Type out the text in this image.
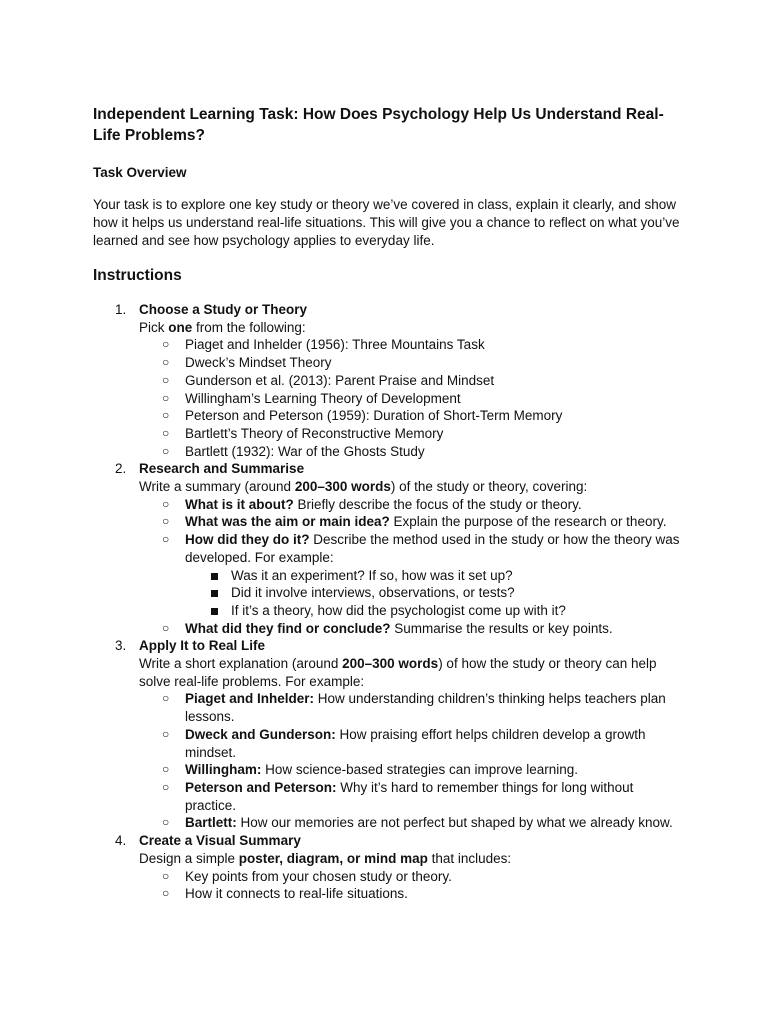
Independent Learning Task: How Does Psychology Help Us Understand Real-Life Problems?
Task Overview

Your task is to explore one key study or theory we’ve covered in class, explain it clearly, and show how it helps us understand real-life situations. This will give you a chance to reflect on what you’ve learned and see how psychology applies to everyday life.

Instructions
1. Choose a Study or Theory
Pick one from the following:
○ Piaget and Inhelder (1956): Three Mountains Task
○ Dweck’s Mindset Theory
○ Gunderson et al. (2013): Parent Praise and Mindset
○ Willingham’s Learning Theory of Development
○ Peterson and Peterson (1959): Duration of Short-Term Memory
○ Bartlett’s Theory of Reconstructive Memory
○ Bartlett (1932): War of the Ghosts Study
2. Research and Summarise
Write a summary (around 200–300 words) of the study or theory, covering:
○ What is it about? Briefly describe the focus of the study or theory.
○ What was the aim or main idea? Explain the purpose of the research or theory.
○ How did they do it? Describe the method used in the study or how the theory was developed. For example:
Was it an experiment? If so, how was it set up?
Did it involve interviews, observations, or tests?
If it’s a theory, how did the psychologist come up with it?
○ What did they find or conclude? Summarise the results or key points.
3. Apply It to Real Life
Write a short explanation (around 200–300 words) of how the study or theory can help solve real-life problems. For example:
○ Piaget and Inhelder: How understanding children’s thinking helps teachers plan lessons.
○ Dweck and Gunderson: How praising effort helps children develop a growth mindset.
○ Willingham: How science-based strategies can improve learning.
○ Peterson and Peterson: Why it’s hard to remember things for long without practice.
○ Bartlett: How our memories are not perfect but shaped by what we already know.
4. Create a Visual Summary
Design a simple poster, diagram, or mind map that includes:
○ Key points from your chosen study or theory.
○ How it connects to real-life situations.
